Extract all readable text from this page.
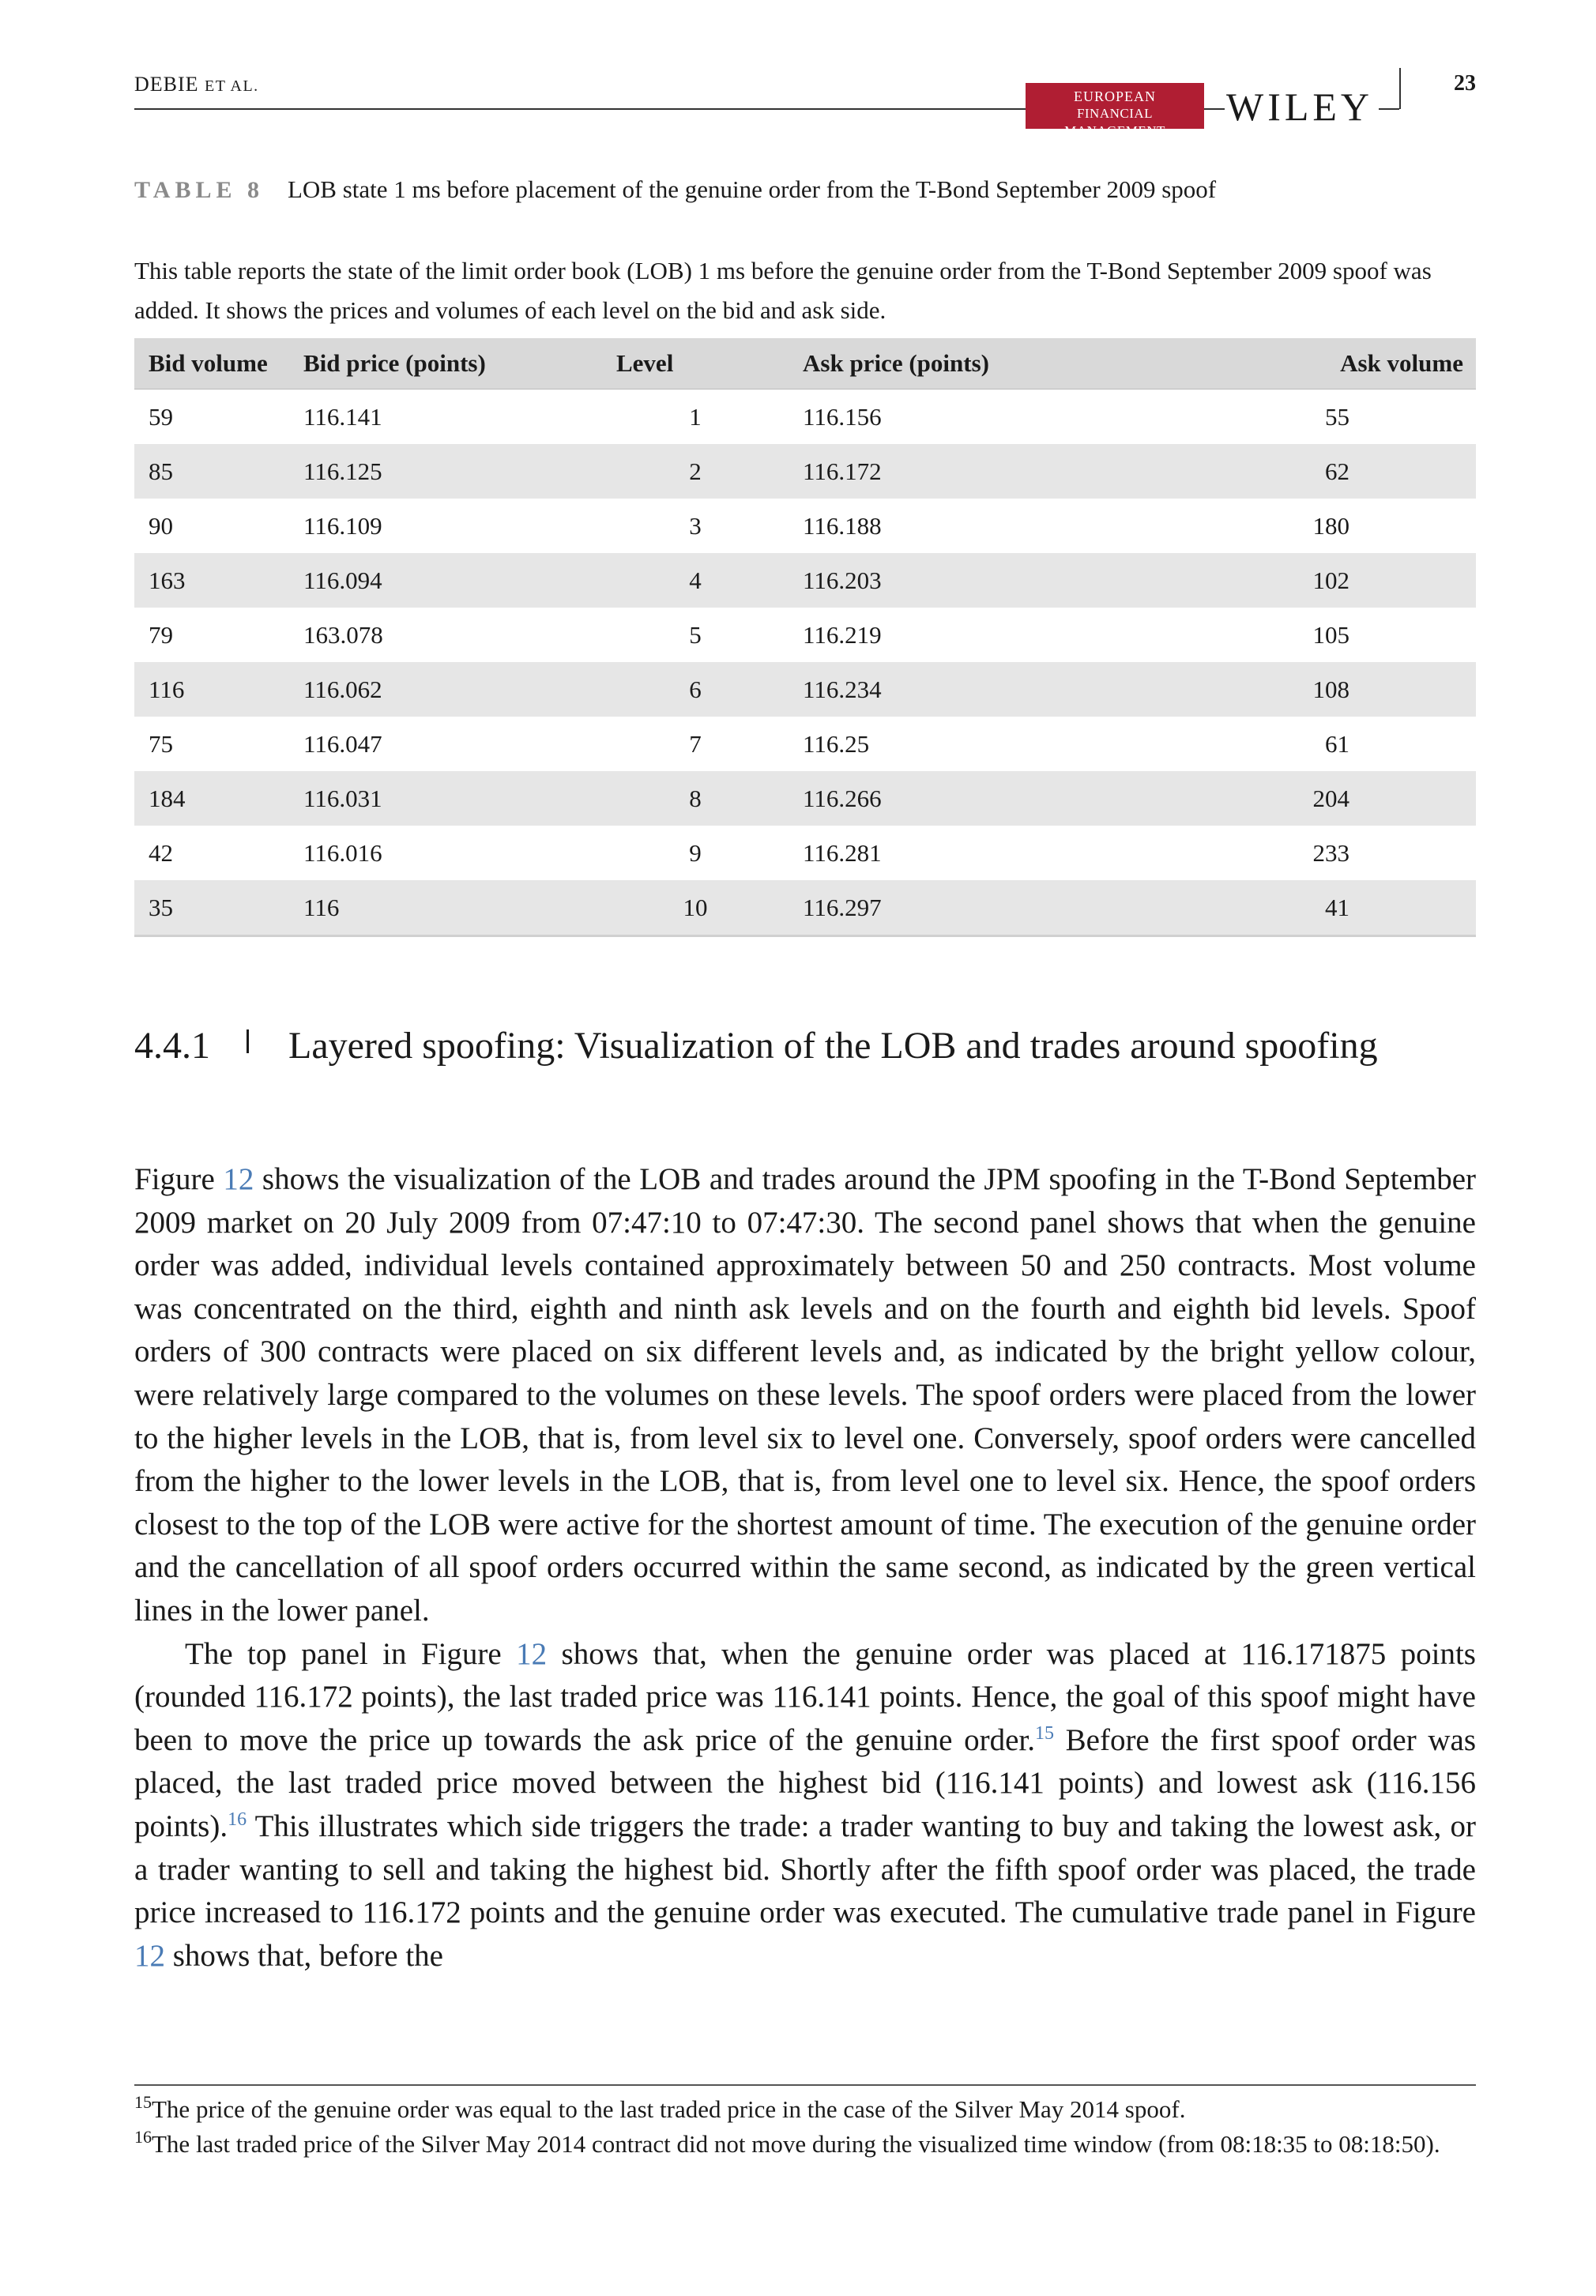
DEBIE ET AL.
EUROPEAN
FINANCIAL MANAGEMENT
WILEY
23
TABLE 8 LOB state 1 ms before placement of the genuine order from the T-Bond September 2009 spoof
This table reports the state of the limit order book (LOB) 1 ms before the genuine order from the T-Bond September 2009 spoof was added. It shows the prices and volumes of each level on the bid and ask side.
Bid volume	Bid price (points)	Level	Ask price (points)	Ask volume
59	116.141	1	116.156	55
85	116.125	2	116.172	62
90	116.109	3	116.188	180
163	116.094	4	116.203	102
79	163.078	5	116.219	105
116	116.062	6	116.234	108
75	116.047	7	116.25	61
184	116.031	8	116.266	204
42	116.016	9	116.281	233
35	116	10	116.297	41
4.4.1 Layered spoofing: Visualization of the LOB and trades around spoofing

Figure 12 shows the visualization of the LOB and trades around the JPM spoofing in the T-Bond September 2009 market on 20 July 2009 from 07:47:10 to 07:47:30. The second panel shows that when the genuine order was added, individual levels contained approximately between 50 and 250 contracts. Most volume was concentrated on the third, eighth and ninth ask levels and on the fourth and eighth bid levels. Spoof orders of 300 contracts were placed on six different levels and, as indicated by the bright yellow colour, were relatively large compared to the volumes on these levels. The spoof orders were placed from the lower to the higher levels in the LOB, that is, from level six to level one. Conversely, spoof orders were cancelled from the higher to the lower levels in the LOB, that is, from level one to level six. Hence, the spoof orders closest to the top of the LOB were active for the shortest amount of time. The execution of the genuine order and the cancellation of all spoof orders occurred within the same second, as indicated by the green vertical lines in the lower panel.

The top panel in Figure 12 shows that, when the genuine order was placed at 116.171875 points (rounded 116.172 points), the last traded price was 116.141 points. Hence, the goal of this spoof might have been to move the price up towards the ask price of the genuine order.$^{15}$ Before the first spoof order was placed, the last traded price moved between the highest bid (116.141 points) and lowest ask (116.156 points).$^{16}$ This illustrates which side triggers the trade: a trader wanting to buy and taking the lowest ask, or a trader wanting to sell and taking the highest bid. Shortly after the fifth spoof order was placed, the trade price increased to 116.172 points and the genuine order was executed. The cumulative trade panel in Figure 12 shows that, before the

$^{15}$The price of the genuine order was equal to the last traded price in the case of the Silver May 2014 spoof.
$^{16}$The last traded price of the Silver May 2014 contract did not move during the visualized time window (from 08:18:35 to 08:18:50).
